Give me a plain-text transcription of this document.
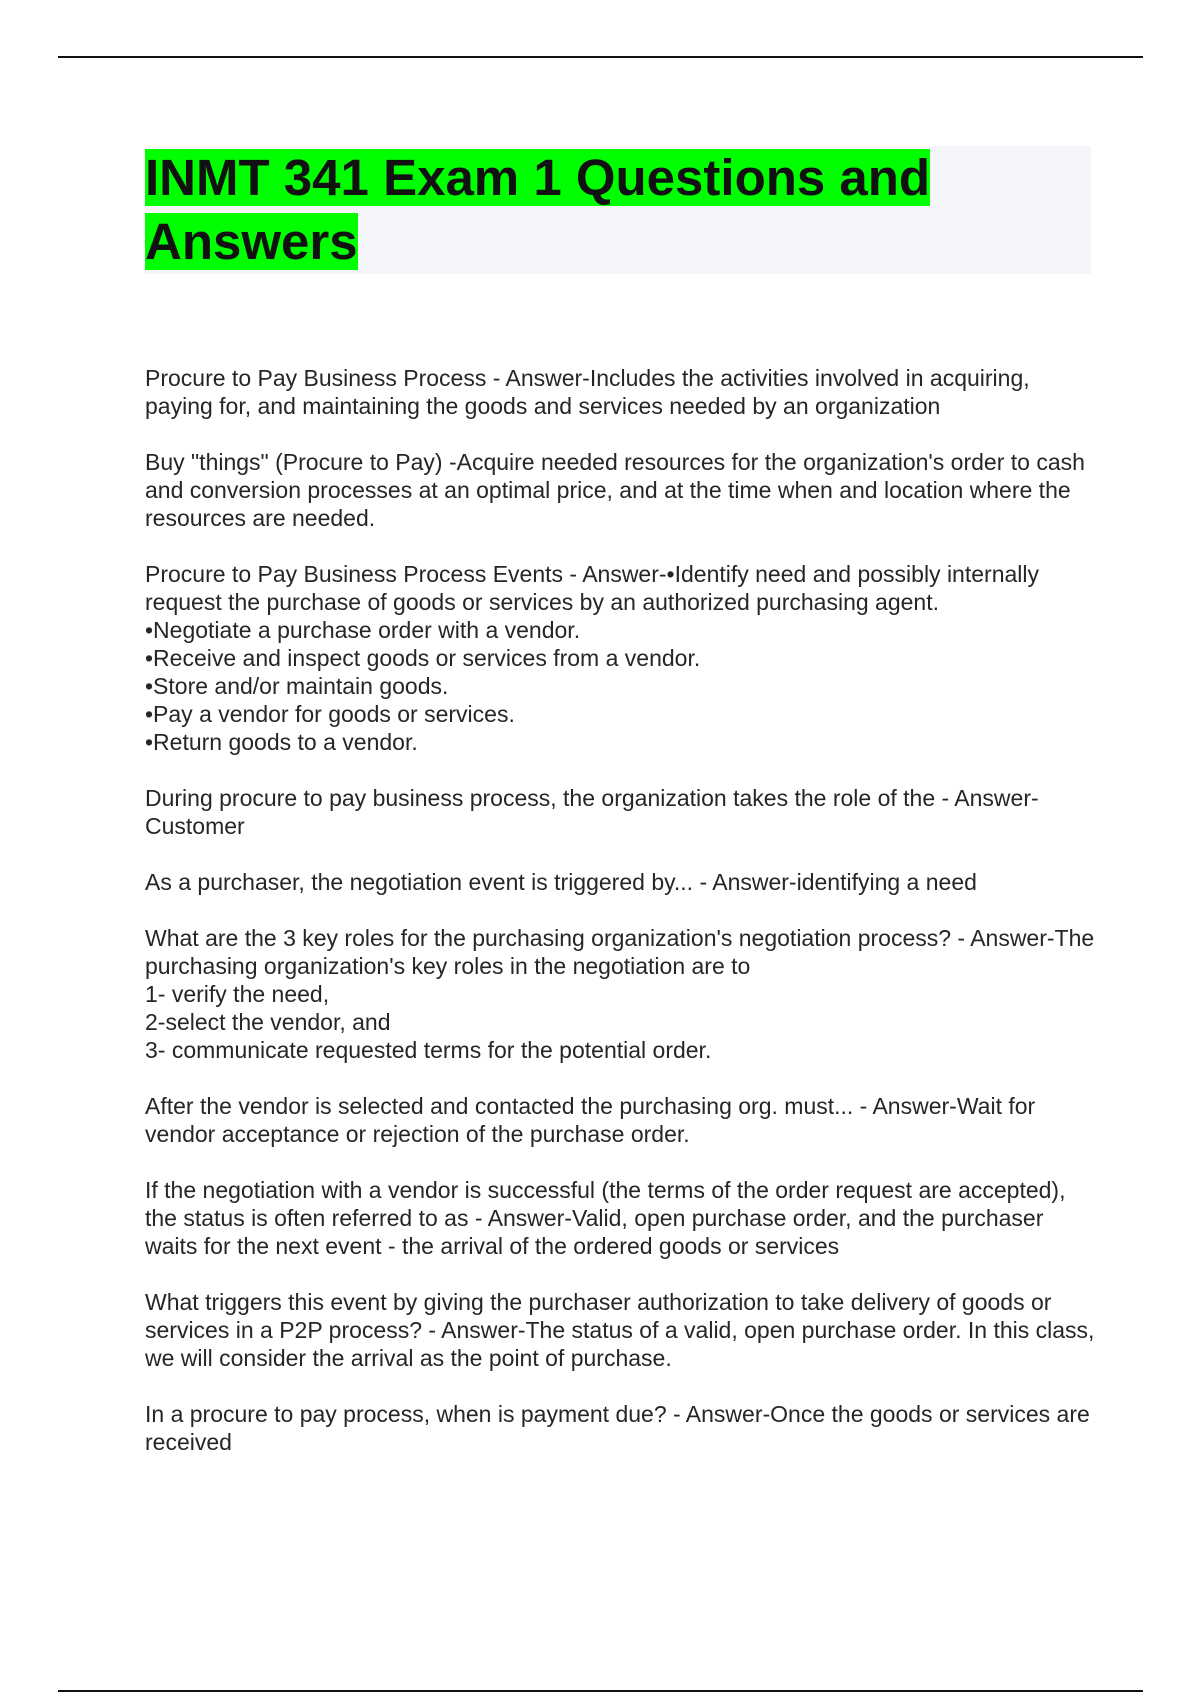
INMT 341 Exam 1 Questions and Answers

Procure to Pay Business Process - Answer-Includes the activities involved in acquiring, paying for, and maintaining the goods and services needed by an organization

Buy "things" (Procure to Pay) -Acquire needed resources for the organization's order to cash and conversion processes at an optimal price, and at the time when and location where the resources are needed.

Procure to Pay Business Process Events - Answer-•Identify need and possibly internally request the purchase of goods or services by an authorized purchasing agent.
•Negotiate a purchase order with a vendor.
•Receive and inspect goods or services from a vendor.
•Store and/or maintain goods.
•Pay a vendor for goods or services.
•Return goods to a vendor.

During procure to pay business process, the organization takes the role of the - Answer-Customer

As a purchaser, the negotiation event is triggered by... - Answer-identifying a need

What are the 3 key roles for the purchasing organization's negotiation process? - Answer-The purchasing organization's key roles in the negotiation are to
1- verify the need,
2-select the vendor, and
3- communicate requested terms for the potential order.

After the vendor is selected and contacted the purchasing org. must... - Answer-Wait for vendor acceptance or rejection of the purchase order.

If the negotiation with a vendor is successful (the terms of the order request are accepted), the status is often referred to as - Answer-Valid, open purchase order, and the purchaser waits for the next event - the arrival of the ordered goods or services

What triggers this event by giving the purchaser authorization to take delivery of goods or services in a P2P process? - Answer-The status of a valid, open purchase order. In this class, we will consider the arrival as the point of purchase.

In a procure to pay process, when is payment due? - Answer-Once the goods or services are received
